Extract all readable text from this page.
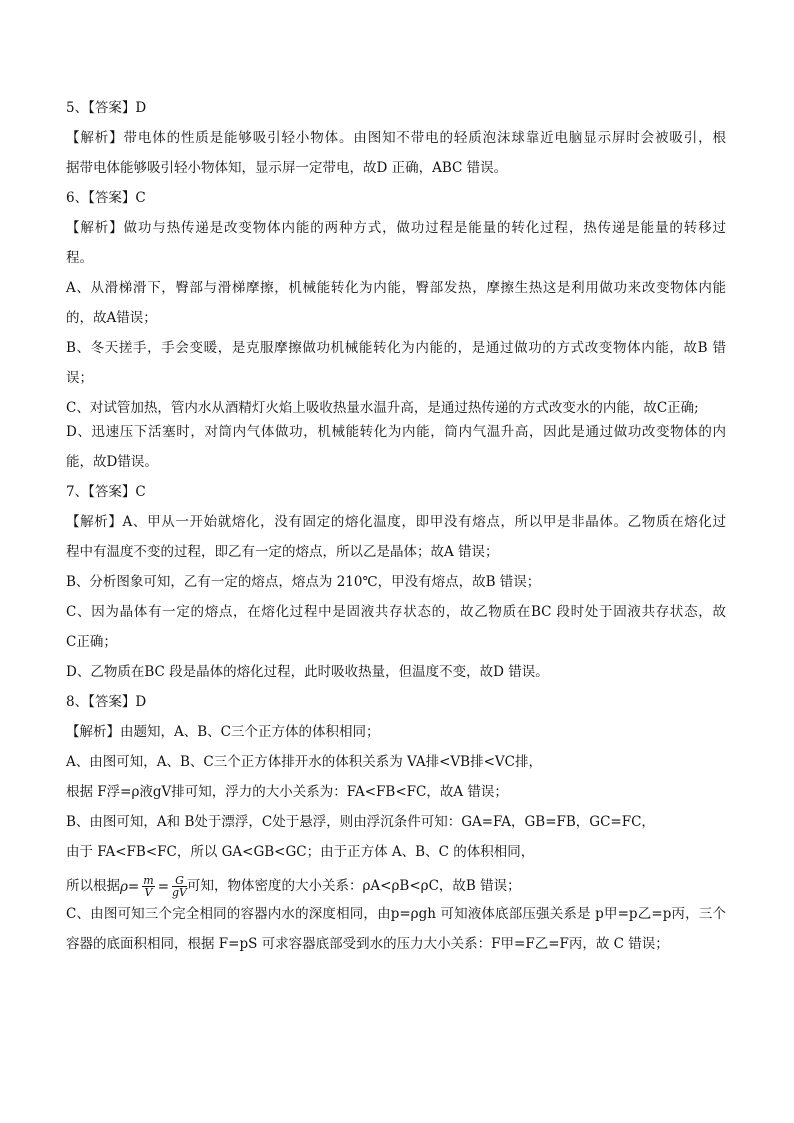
5、【答案】D
【解析】带电体的性质是能够吸引轻小物体。由图知不带电的轻质泡沫球靠近电脑显示屏时会被吸引，根
据带电体能够吸引轻小物体知，显示屏一定带电，故D 正确，ABC 错误。
6、【答案】C
【解析】做功与热传递是改变物体内能的两种方式，做功过程是能量的转化过程，热传递是能量的转移过
程。
A、从滑梯滑下，臀部与滑梯摩擦，机械能转化为内能，臀部发热，摩擦生热这是利用做功来改变物体内能
的，故A错误；
B、冬天搓手，手会变暖，是克服摩擦做功机械能转化为内能的，是通过做功的方式改变物体内能，故B 错
误；
C、对试管加热，管内水从酒精灯火焰上吸收热量水温升高，是通过热传递的方式改变水的内能，故C正确;
D、迅速压下活塞时，对筒内气体做功，机械能转化为内能，筒内气温升高，因此是通过做功改变物体的内
能，故D错误。
7、【答案】C
【解析】A、甲从一开始就熔化，没有固定的熔化温度，即甲没有熔点，所以甲是非晶体。乙物质在熔化过
程中有温度不变的过程，即乙有一定的熔点，所以乙是晶体；故A 错误；
B、分析图象可知，乙有一定的熔点，熔点为 210℃，甲没有熔点，故B 错误；
C、因为晶体有一定的熔点，在熔化过程中是固液共存状态的，故乙物质在BC 段时处于固液共存状态，故
C正确；
D、乙物质在BC 段是晶体的熔化过程，此时吸收热量，但温度不变，故D 错误。
8、【答案】D
【解析】由题知，A、B、C三个正方体的体积相同；
A、由图可知，A、B、C三个正方体排开水的体积关系为 VA排<VB排<VC排，
根据 F浮=ρ液gV排可知，浮力的大小关系为：FA<FB<FC，故A 错误；
B、由图可知，A和 B处于漂浮，C处于悬浮，则由浮沉条件可知：GA=FA，GB=FB，GC=FC，
由于 FA<FB<FC，所以 GA<GB<GC；由于正方体 A、B、C 的体积相同，
所以根据 $\rho= \frac{m}{V} = \frac{G}{gV}$ 可知，物体密度的大小关系：ρA<ρB<ρC，故B 错误；
C、由图可知三个完全相同的容器内水的深度相同，由p=ρgh 可知液体底部压强关系是 p甲=p乙=p丙，三个
容器的底面积相同，根据 F=pS 可求容器底部受到水的压力大小关系：F甲=F乙=F丙，故 C 错误；
